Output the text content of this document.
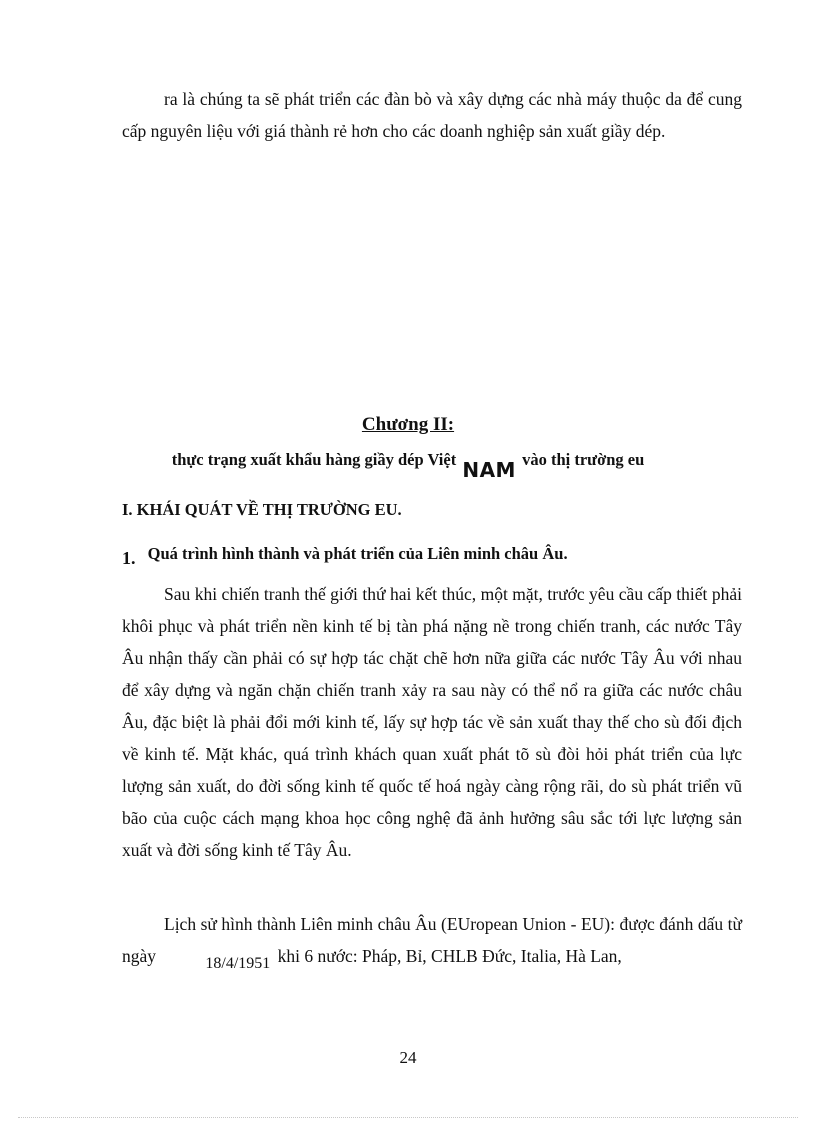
ra là chúng ta sẽ phát triển các đàn bò và xây dựng các nhà máy thuộc da để cung cấp nguyên liệu với giá thành rẻ hơn cho các doanh nghiệp sản xuất giầy dép.

Chương II:
thực trạng xuất khẩu hàng giầy dép Việt NAM vào thị trường eu
I. KHÁI QUÁT VỀ THỊ TRƯỜNG EU.
1. Quá trình hình thành và phát triển của Liên minh châu Âu.

Sau khi chiến tranh thế giới thứ hai kết thúc, một mặt, trước yêu cầu cấp thiết phải khôi phục và phát triển nền kinh tế bị tàn phá nặng nề trong chiến tranh, các nước Tây Âu nhận thấy cần phải có sự hợp tác chặt chẽ hơn nữa giữa các nước Tây Âu với nhau để xây dựng và ngăn chặn chiến tranh xảy ra sau này có thể nổ ra giữa các nước châu Âu, đặc biệt là phải đổi mới kinh tế, lấy sự hợp tác về sản xuất thay thế cho sù đối địch về kinh tế. Mặt khác, quá trình khách quan xuất phát tõ sù đòi hỏi phát triển của lực lượng sản xuất, do đời sống kinh tế quốc tế hoá ngày càng rộng rãi, do sù phát triển vũ bão của cuộc cách mạng khoa học công nghệ đã ảnh hưởng sâu sắc tới lực lượng sản xuất và đời sống kinh tế Tây Âu.

Lịch sử hình thành Liên minh châu Âu (EUropean Union - EU): được đánh dấu từ ngày	18/4/1951 khi 6 nước: Pháp, Bỉ, CHLB Đức, Italia, Hà Lan,

24
